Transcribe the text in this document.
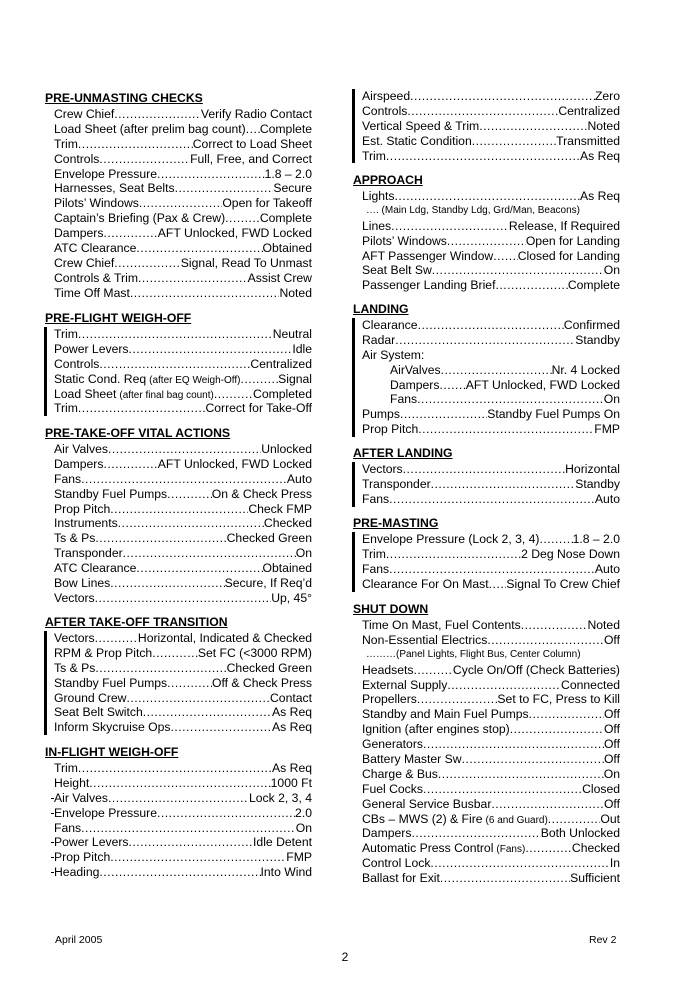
PRE-UNMASTING CHECKS
Crew Chief .....	Verify Radio Contact
Load Sheet (after prelim bag count) ..... Complete
Trim .....	Correct to Load Sheet
Controls .....	Full, Free, and Correct
Envelope Pressure .....	1.8 – 2.0
Harnesses, Seat Belts .....	Secure
Pilots’ Windows .....	Open for Takeoff
Captain’s Briefing (Pax & Crew) .....	Complete
Dampers .....	AFT Unlocked, FWD Locked
ATC Clearance .....	Obtained
Crew Chief .....	Signal, Read To Unmast
Controls & Trim .....	Assist Crew
Time Off Mast .....	Noted
PRE-FLIGHT WEIGH-OFF
Trim .....	Neutral
Power Levers .....	Idle
Controls .....	Centralized
Static Cond. Req (after EQ Weigh-Off) .....	Signal
Load Sheet (after final bag count) .....	Completed
Trim .....	Correct for Take-Off
PRE-TAKE-OFF VITAL ACTIONS
Air Valves .....	Unlocked
Dampers .....	AFT Unlocked, FWD Locked
Fans .....	Auto
Standby Fuel Pumps .....	On & Check Press
Prop Pitch .....	Check FMP
Instruments .....	Checked
Ts & Ps .....	Checked Green
Transponder .....	On
ATC Clearance .....	Obtained
Bow Lines .....	Secure, If Req’d
Vectors .....	Up, 45°
AFTER TAKE-OFF TRANSITION
Vectors .....	Horizontal, Indicated & Checked
RPM & Prop Pitch .....	Set FC (<3000 RPM)
Ts & Ps .....	Checked Green
Standby Fuel Pumps .....	Off & Check Press
Ground Crew .....	Contact
Seat Belt Switch .....	As Req
Inform Skycruise Ops .....	As Req
IN-FLIGHT WEIGH-OFF
Trim .....	As Req
Height .....	1000 Ft
Air Valves .....	Lock 2, 3, 4
Envelope Pressure .....	2.0
Fans .....	On
Power Levers .....	Idle Detent
Prop Pitch .....	FMP
Heading .....	Into Wind
Airspeed .....	Zero
Controls .....	Centralized
Vertical Speed & Trim .....	Noted
Est. Static Condition .....	Transmitted
Trim .....	As Req
APPROACH
Lights .....	As Req
…. (Main Ldg, Standby Ldg, Grd/Man, Beacons)
Lines .....	Release, If Required
Pilots’ Windows .....	Open for Landing
AFT Passenger Window ..... Closed for Landing
Seat Belt Sw .....	On
Passenger Landing Brief .....	Complete
LANDING
Clearance .....	Confirmed
Radar .....	Standby
Air System:
AirValves .....	Nr. 4 Locked
Dampers ..... AFT Unlocked, FWD Locked
Fans .....	On
Pumps .....	Standby Fuel Pumps On
Prop Pitch .....	FMP
AFTER LANDING
Vectors .....	Horizontal
Transponder .....	Standby
Fans .....	Auto
PRE-MASTING
Envelope Pressure (Lock 2, 3, 4) .....	1.8 – 2.0
Trim .....	2 Deg Nose Down
Fans .....	Auto
Clearance For On Mast ..... Signal To Crew Chief
SHUT DOWN
Time On Mast, Fuel Contents .....	Noted
Non-Essential Electrics .....	Off
………(Panel Lights, Flight Bus, Center Column)
Headsets .....	Cycle On/Off (Check Batteries)
External Supply .....	Connected
Propellers .....	Set to FC, Press to Kill
Standby and Main Fuel Pumps .....	Off
Ignition (after engines stop) .....	Off
Generators .....	Off
Battery Master Sw .....	Off
Charge & Bus .....	On
Fuel Cocks .....	Closed
General Service Busbar .....	Off
CBs – MWS (2) & Fire (6 and Guard) .....	Out
Dampers .....	Both Unlocked
Automatic Press Control (Fans) .....	Checked
Control Lock .....	In
Ballast for Exit .....	Sufficient
April 2005	Rev 2
2
